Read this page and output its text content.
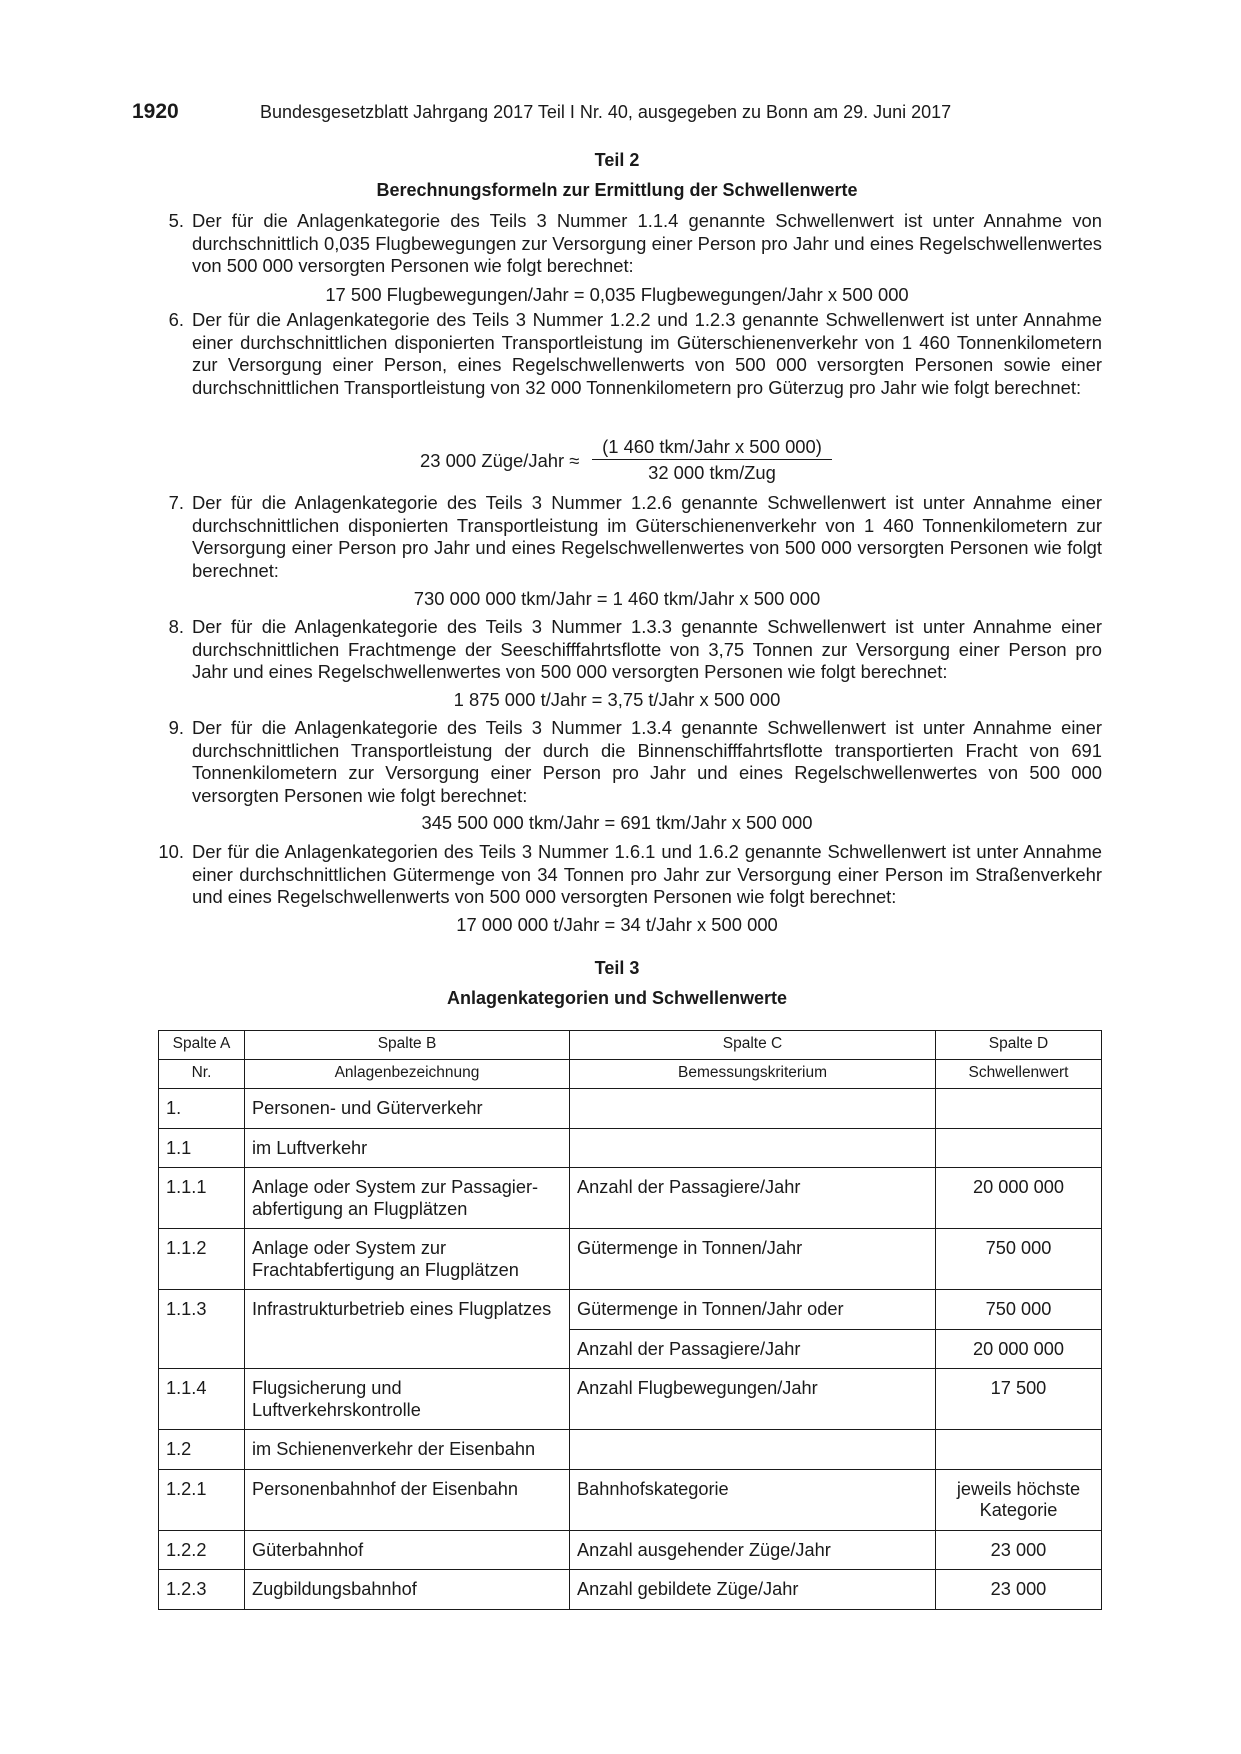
1920	Bundesgesetzblatt Jahrgang 2017 Teil I Nr. 40, ausgegeben zu Bonn am 29. Juni 2017
Teil 2
Berechnungsformeln zur Ermittlung der Schwellenwerte
5. Der für die Anlagenkategorie des Teils 3 Nummer 1.1.4 genannte Schwellenwert ist unter Annahme von durchschnittlich 0,035 Flugbewegungen zur Versorgung einer Person pro Jahr und eines Regelschwellenwertes von 500 000 versorgten Personen wie folgt berechnet:
17 500 Flugbewegungen/Jahr = 0,035 Flugbewegungen/Jahr x 500 000
6. Der für die Anlagenkategorie des Teils 3 Nummer 1.2.2 und 1.2.3 genannte Schwellenwert ist unter Annahme einer durchschnittlichen disponierten Transportleistung im Güterschienenverkehr von 1 460 Tonnenkilometern zur Versorgung einer Person, eines Regelschwellenwerts von 500 000 versorgten Personen sowie einer durchschnittlichen Transportleistung von 32 000 Tonnenkilometern pro Güterzug pro Jahr wie folgt berechnet:
23 000 Züge/Jahr ≈
(1 460 tkm/Jahr x 500 000)
32 000 tkm/Zug
7. Der für die Anlagenkategorie des Teils 3 Nummer 1.2.6 genannte Schwellenwert ist unter Annahme einer durchschnittlichen disponierten Transportleistung im Güterschienenverkehr von 1 460 Tonnenkilometern zur Versorgung einer Person pro Jahr und eines Regelschwellenwertes von 500 000 versorgten Personen wie folgt berechnet:
730 000 000 tkm/Jahr = 1 460 tkm/Jahr x 500 000
8. Der für die Anlagenkategorie des Teils 3 Nummer 1.3.3 genannte Schwellenwert ist unter Annahme einer durchschnittlichen Frachtmenge der Seeschifffahrtsflotte von 3,75 Tonnen zur Versorgung einer Person pro Jahr und eines Regelschwellenwertes von 500 000 versorgten Personen wie folgt berechnet:
1 875 000 t/Jahr = 3,75 t/Jahr x 500 000
9. Der für die Anlagenkategorie des Teils 3 Nummer 1.3.4 genannte Schwellenwert ist unter Annahme einer durchschnittlichen Transportleistung der durch die Binnenschifffahrtsflotte transportierten Fracht von 691 Tonnenkilometern zur Versorgung einer Person pro Jahr und eines Regelschwellenwertes von 500 000 versorgten Personen wie folgt berechnet:
345 500 000 tkm/Jahr = 691 tkm/Jahr x 500 000
10. Der für die Anlagenkategorien des Teils 3 Nummer 1.6.1 und 1.6.2 genannte Schwellenwert ist unter Annahme einer durchschnittlichen Gütermenge von 34 Tonnen pro Jahr zur Versorgung einer Person im Straßenverkehr und eines Regelschwellenwerts von 500 000 versorgten Personen wie folgt berechnet:
17 000 000 t/Jahr = 34 t/Jahr x 500 000
Teil 3
Anlagenkategorien und Schwellenwerte
Spalte A	Spalte B	Spalte C	Spalte D
Nr.	Anlagenbezeichnung	Bemessungskriterium	Schwellenwert
1.	Personen- und Güterverkehr		
1.1	im Luftverkehr		
1.1.1	Anlage oder System zur Passagierabfertigung an Flugplätzen	Anzahl der Passagiere/Jahr	20 000 000
1.1.2	Anlage oder System zur Frachtabfertigung an Flugplätzen	Gütermenge in Tonnen/Jahr	750 000
1.1.3	Infrastrukturbetrieb eines Flugplatzes	Gütermenge in Tonnen/Jahr oder	750 000
		Anzahl der Passagiere/Jahr	20 000 000
1.1.4	Flugsicherung und Luftverkehrskontrolle	Anzahl Flugbewegungen/Jahr	17 500
1.2	im Schienenverkehr der Eisenbahn		
1.2.1	Personenbahnhof der Eisenbahn	Bahnhofskategorie	jeweils höchste Kategorie
1.2.2	Güterbahnhof	Anzahl ausgehender Züge/Jahr	23 000
1.2.3	Zugbildungsbahnhof	Anzahl gebildete Züge/Jahr	23 000
